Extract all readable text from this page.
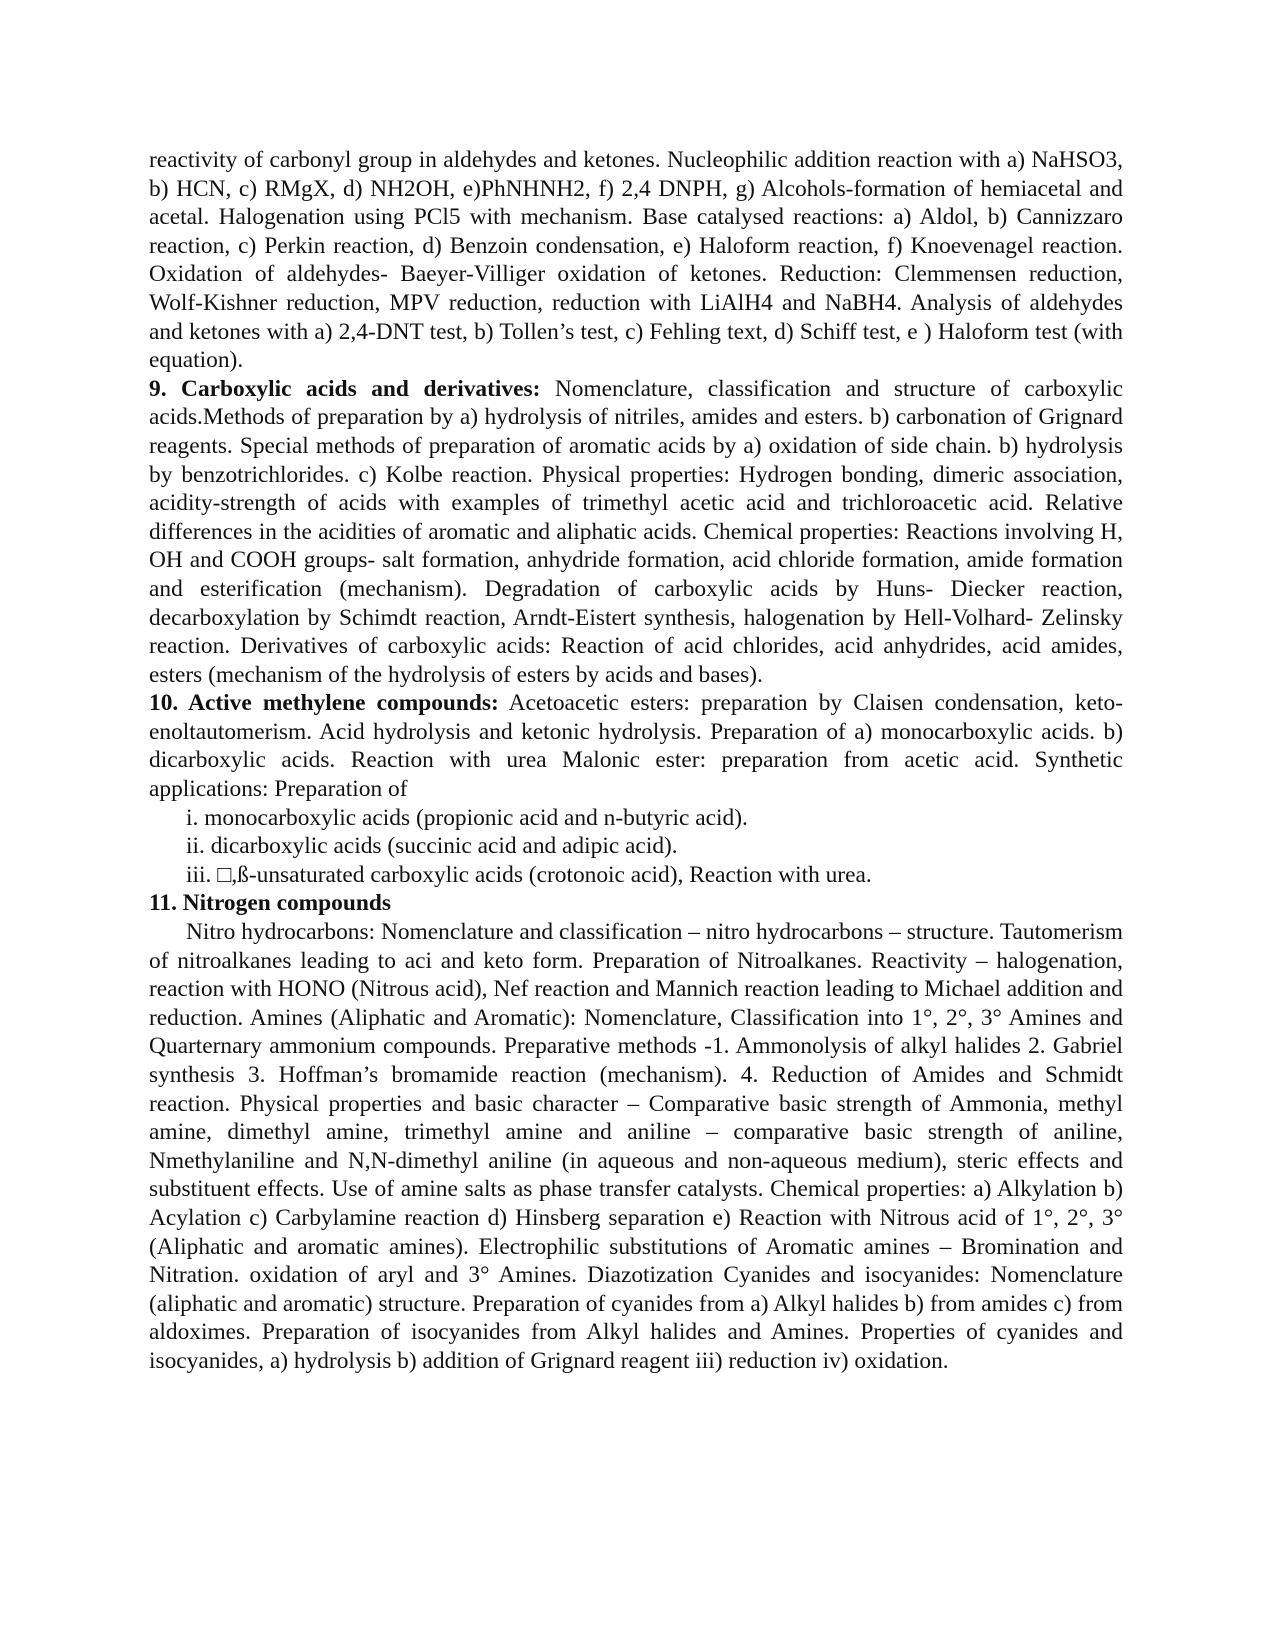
reactivity of carbonyl group in aldehydes and ketones. Nucleophilic addition reaction with a) NaHSO3, b) HCN, c) RMgX, d) NH2OH, e)PhNHNH2, f) 2,4 DNPH, g) Alcohols-formation of hemiacetal and acetal. Halogenation using PCl5 with mechanism. Base catalysed reactions: a) Aldol, b) Cannizzaro reaction, c) Perkin reaction, d) Benzoin condensation, e) Haloform reaction, f) Knoevenagel reaction. Oxidation of aldehydes- Baeyer-Villiger oxidation of ketones. Reduction: Clemmensen reduction, Wolf-Kishner reduction, MPV reduction, reduction with LiAlH4 and NaBH4. Analysis of aldehydes and ketones with a) 2,4-DNT test, b) Tollen’s test, c) Fehling text, d) Schiff test, e ) Haloform test (with equation).

9. Carboxylic acids and derivatives: Nomenclature, classification and structure of carboxylic acids.Methods of preparation by a) hydrolysis of nitriles, amides and esters. b) carbonation of Grignard reagents. Special methods of preparation of aromatic acids by a) oxidation of side chain. b) hydrolysis by benzotrichlorides. c) Kolbe reaction. Physical properties: Hydrogen bonding, dimeric association, acidity-strength of acids with examples of trimethyl acetic acid and trichloroacetic acid. Relative differences in the acidities of aromatic and aliphatic acids. Chemical properties: Reactions involving H, OH and COOH groups- salt formation, anhydride formation, acid chloride formation, amide formation and esterification (mechanism). Degradation of carboxylic acids by Huns- Diecker reaction, decarboxylation by Schimdt reaction, Arndt-Eistert synthesis, halogenation by Hell-Volhard- Zelinsky reaction. Derivatives of carboxylic acids: Reaction of acid chlorides, acid anhydrides, acid amides, esters (mechanism of the hydrolysis of esters by acids and bases).

10. Active methylene compounds: Acetoacetic esters: preparation by Claisen condensation, keto-enoltautomerism. Acid hydrolysis and ketonic hydrolysis. Preparation of a) monocarboxylic acids. b) dicarboxylic acids. Reaction with urea Malonic ester: preparation from acetic acid. Synthetic applications: Preparation of

i. monocarboxylic acids (propionic acid and n-butyric acid).
ii. dicarboxylic acids (succinic acid and adipic acid).
iii. □,ß-unsaturated carboxylic acids (crotonoic acid), Reaction with urea.

11. Nitrogen compounds

Nitro hydrocarbons: Nomenclature and classification – nitro hydrocarbons – structure. Tautomerism of nitroalkanes leading to aci and keto form. Preparation of Nitroalkanes. Reactivity – halogenation, reaction with HONO (Nitrous acid), Nef reaction and Mannich reaction leading to Michael addition and reduction. Amines (Aliphatic and Aromatic): Nomenclature, Classification into 1°, 2°, 3° Amines and Quarternary ammonium compounds. Preparative methods -1. Ammonolysis of alkyl halides 2. Gabriel synthesis 3. Hoffman’s bromamide reaction (mechanism). 4. Reduction of Amides and Schmidt reaction. Physical properties and basic character – Comparative basic strength of Ammonia, methyl amine, dimethyl amine, trimethyl amine and aniline – comparative basic strength of aniline, Nmethylaniline and N,N-dimethyl aniline (in aqueous and non-aqueous medium), steric effects and substituent effects. Use of amine salts as phase transfer catalysts. Chemical properties: a) Alkylation b) Acylation c) Carbylamine reaction d) Hinsberg separation e) Reaction with Nitrous acid of 1°, 2°, 3° (Aliphatic and aromatic amines). Electrophilic substitutions of Aromatic amines – Bromination and Nitration. oxidation of aryl and 3° Amines. Diazotization Cyanides and isocyanides: Nomenclature (aliphatic and aromatic) structure. Preparation of cyanides from a) Alkyl halides b) from amides c) from aldoximes. Preparation of isocyanides from Alkyl halides and Amines. Properties of cyanides and isocyanides, a) hydrolysis b) addition of Grignard reagent iii) reduction iv) oxidation.
